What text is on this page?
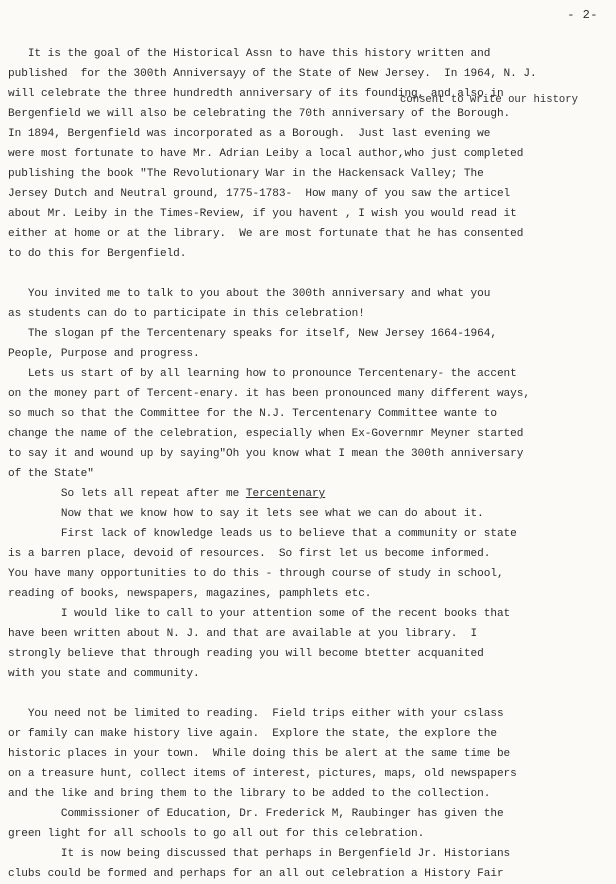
- 2-
consent to write our history
It is the goal of the Historical Assn to have this history written and
published  for the 300th Anniversayy of the State of New Jersey.  In 1964, N. J.
will celebrate the three hundredth anniversary of its founding, and also in
Bergenfield we will also be celebrating the 70th anniversary of the Borough.
In 1894, Bergenfield was incorporated as a Borough.  Just last evening we
were most fortunate to have Mr. Adrian Leiby a local author,who just completed
publishing the book "The Revolutionary War in the Hackensack Valley; The
Jersey Dutch and Neutral ground, 1775-1783-  How many of you saw the articel
about Mr. Leiby in the Times-Review, if you havent , I wish you would read it
either at home or at the library.  We are most fortunate that he has consented
to do this for Bergenfield.
You invited me to talk to you about the 300th anniversary and what you
as students can do to participate in this celebration!
The slogan pf the Tercentenary speaks for itself, New Jersey 1664-1964,
People, Purpose and progress.
Lets us start of by all learning how to pronounce Tercentenary- the accent
on the money part of Tercent-enary. it has been pronounced many different ways,
so much so that the Committee for the N.J. Tercentenary Committee wante to
change the name of the celebration, especially when Ex-Governmr Meyner started
to say it and wound up by saying"Oh you know what I mean the 300th anniversary
of the State"
So lets all repeat after me Tercentenary
Now that we know how to say it lets see what we can do about it.
First lack of knowledge leads us to believe that a community or state
is a barren place, devoid of resources.  So first let us become informed.
You have many opportunities to do this - through course of study in school,
reading of books, newspapers, magazines, pamphlets etc.
I would like to call to your attention some of the recent books that
have been written about N. J. and that are available at you library.  I
strongly believe that through reading you will become btetter acquanited
with you state and community.
You need not be limited to reading.  Field trips either with your cslass
or family can make history live again.  Explore the state, the explore the
historic places in your town.  While doing this be alert at the same time be
on a treasure hunt, collect items of interest, pictures, maps, old newspapers
and the like and bring them to the library to be added to the collection.
Commissioner of Education, Dr. Frederick M, Raubinger has given the
green light for all schools to go all out for this celebration.
It is now being discussed that perhaps in Bergenfield Jr. Historians
clubs could be formed and perhaps for an all out celebration a History Fair
